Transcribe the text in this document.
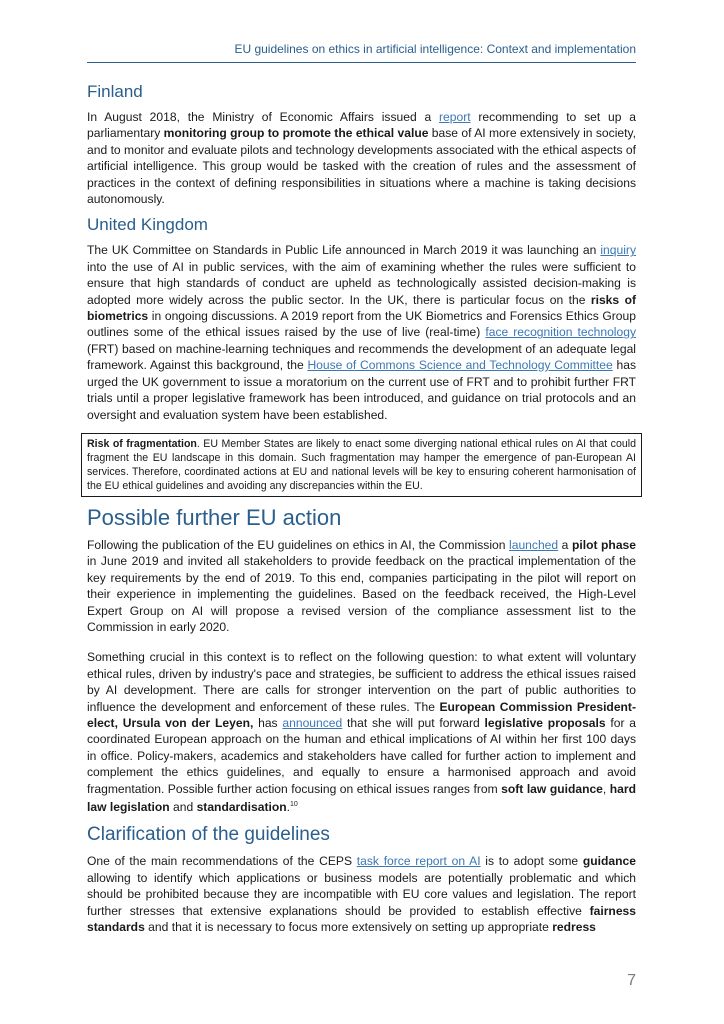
EU guidelines on ethics in artificial intelligence: Context and implementation
Finland

In August 2018, the Ministry of Economic Affairs issued a report recommending to set up a parliamentary monitoring group to promote the ethical value base of AI more extensively in society, and to monitor and evaluate pilots and technology developments associated with the ethical aspects of artificial intelligence. This group would be tasked with the creation of rules and the assessment of practices in the context of defining responsibilities in situations where a machine is taking decisions autonomously.

United Kingdom

The UK Committee on Standards in Public Life announced in March 2019 it was launching an inquiry into the use of AI in public services, with the aim of examining whether the rules were sufficient to ensure that high standards of conduct are upheld as technologically assisted decision-making is adopted more widely across the public sector. In the UK, there is particular focus on the risks of biometrics in ongoing discussions. A 2019 report from the UK Biometrics and Forensics Ethics Group outlines some of the ethical issues raised by the use of live (real-time) face recognition technology (FRT) based on machine-learning techniques and recommends the development of an adequate legal framework. Against this background, the House of Commons Science and Technology Committee has urged the UK government to issue a moratorium on the current use of FRT and to prohibit further FRT trials until a proper legislative framework has been introduced, and guidance on trial protocols and an oversight and evaluation system have been established.

Risk of fragmentation. EU Member States are likely to enact some diverging national ethical rules on AI that could fragment the EU landscape in this domain. Such fragmentation may hamper the emergence of pan-European AI services. Therefore, coordinated actions at EU and national levels will be key to ensuring coherent harmonisation of the EU ethical guidelines and avoiding any discrepancies within the EU.

Possible further EU action

Following the publication of the EU guidelines on ethics in AI, the Commission launched a pilot phase in June 2019 and invited all stakeholders to provide feedback on the practical implementation of the key requirements by the end of 2019. To this end, companies participating in the pilot will report on their experience in implementing the guidelines. Based on the feedback received, the High-Level Expert Group on AI will propose a revised version of the compliance assessment list to the Commission in early 2020.

Something crucial in this context is to reflect on the following question: to what extent will voluntary ethical rules, driven by industry's pace and strategies, be sufficient to address the ethical issues raised by AI development. There are calls for stronger intervention on the part of public authorities to influence the development and enforcement of these rules. The European Commission President-elect, Ursula von der Leyen, has announced that she will put forward legislative proposals for a coordinated European approach on the human and ethical implications of AI within her first 100 days in office. Policy-makers, academics and stakeholders have called for further action to implement and complement the ethics guidelines, and equally to ensure a harmonised approach and avoid fragmentation. Possible further action focusing on ethical issues ranges from soft law guidance, hard law legislation and standardisation.$^{10}$

Clarification of the guidelines

One of the main recommendations of the CEPS task force report on AI is to adopt some guidance allowing to identify which applications or business models are potentially problematic and which should be prohibited because they are incompatible with EU core values and legislation. The report further stresses that extensive explanations should be provided to establish effective fairness standards and that it is necessary to focus more extensively on setting up appropriate redress

7
